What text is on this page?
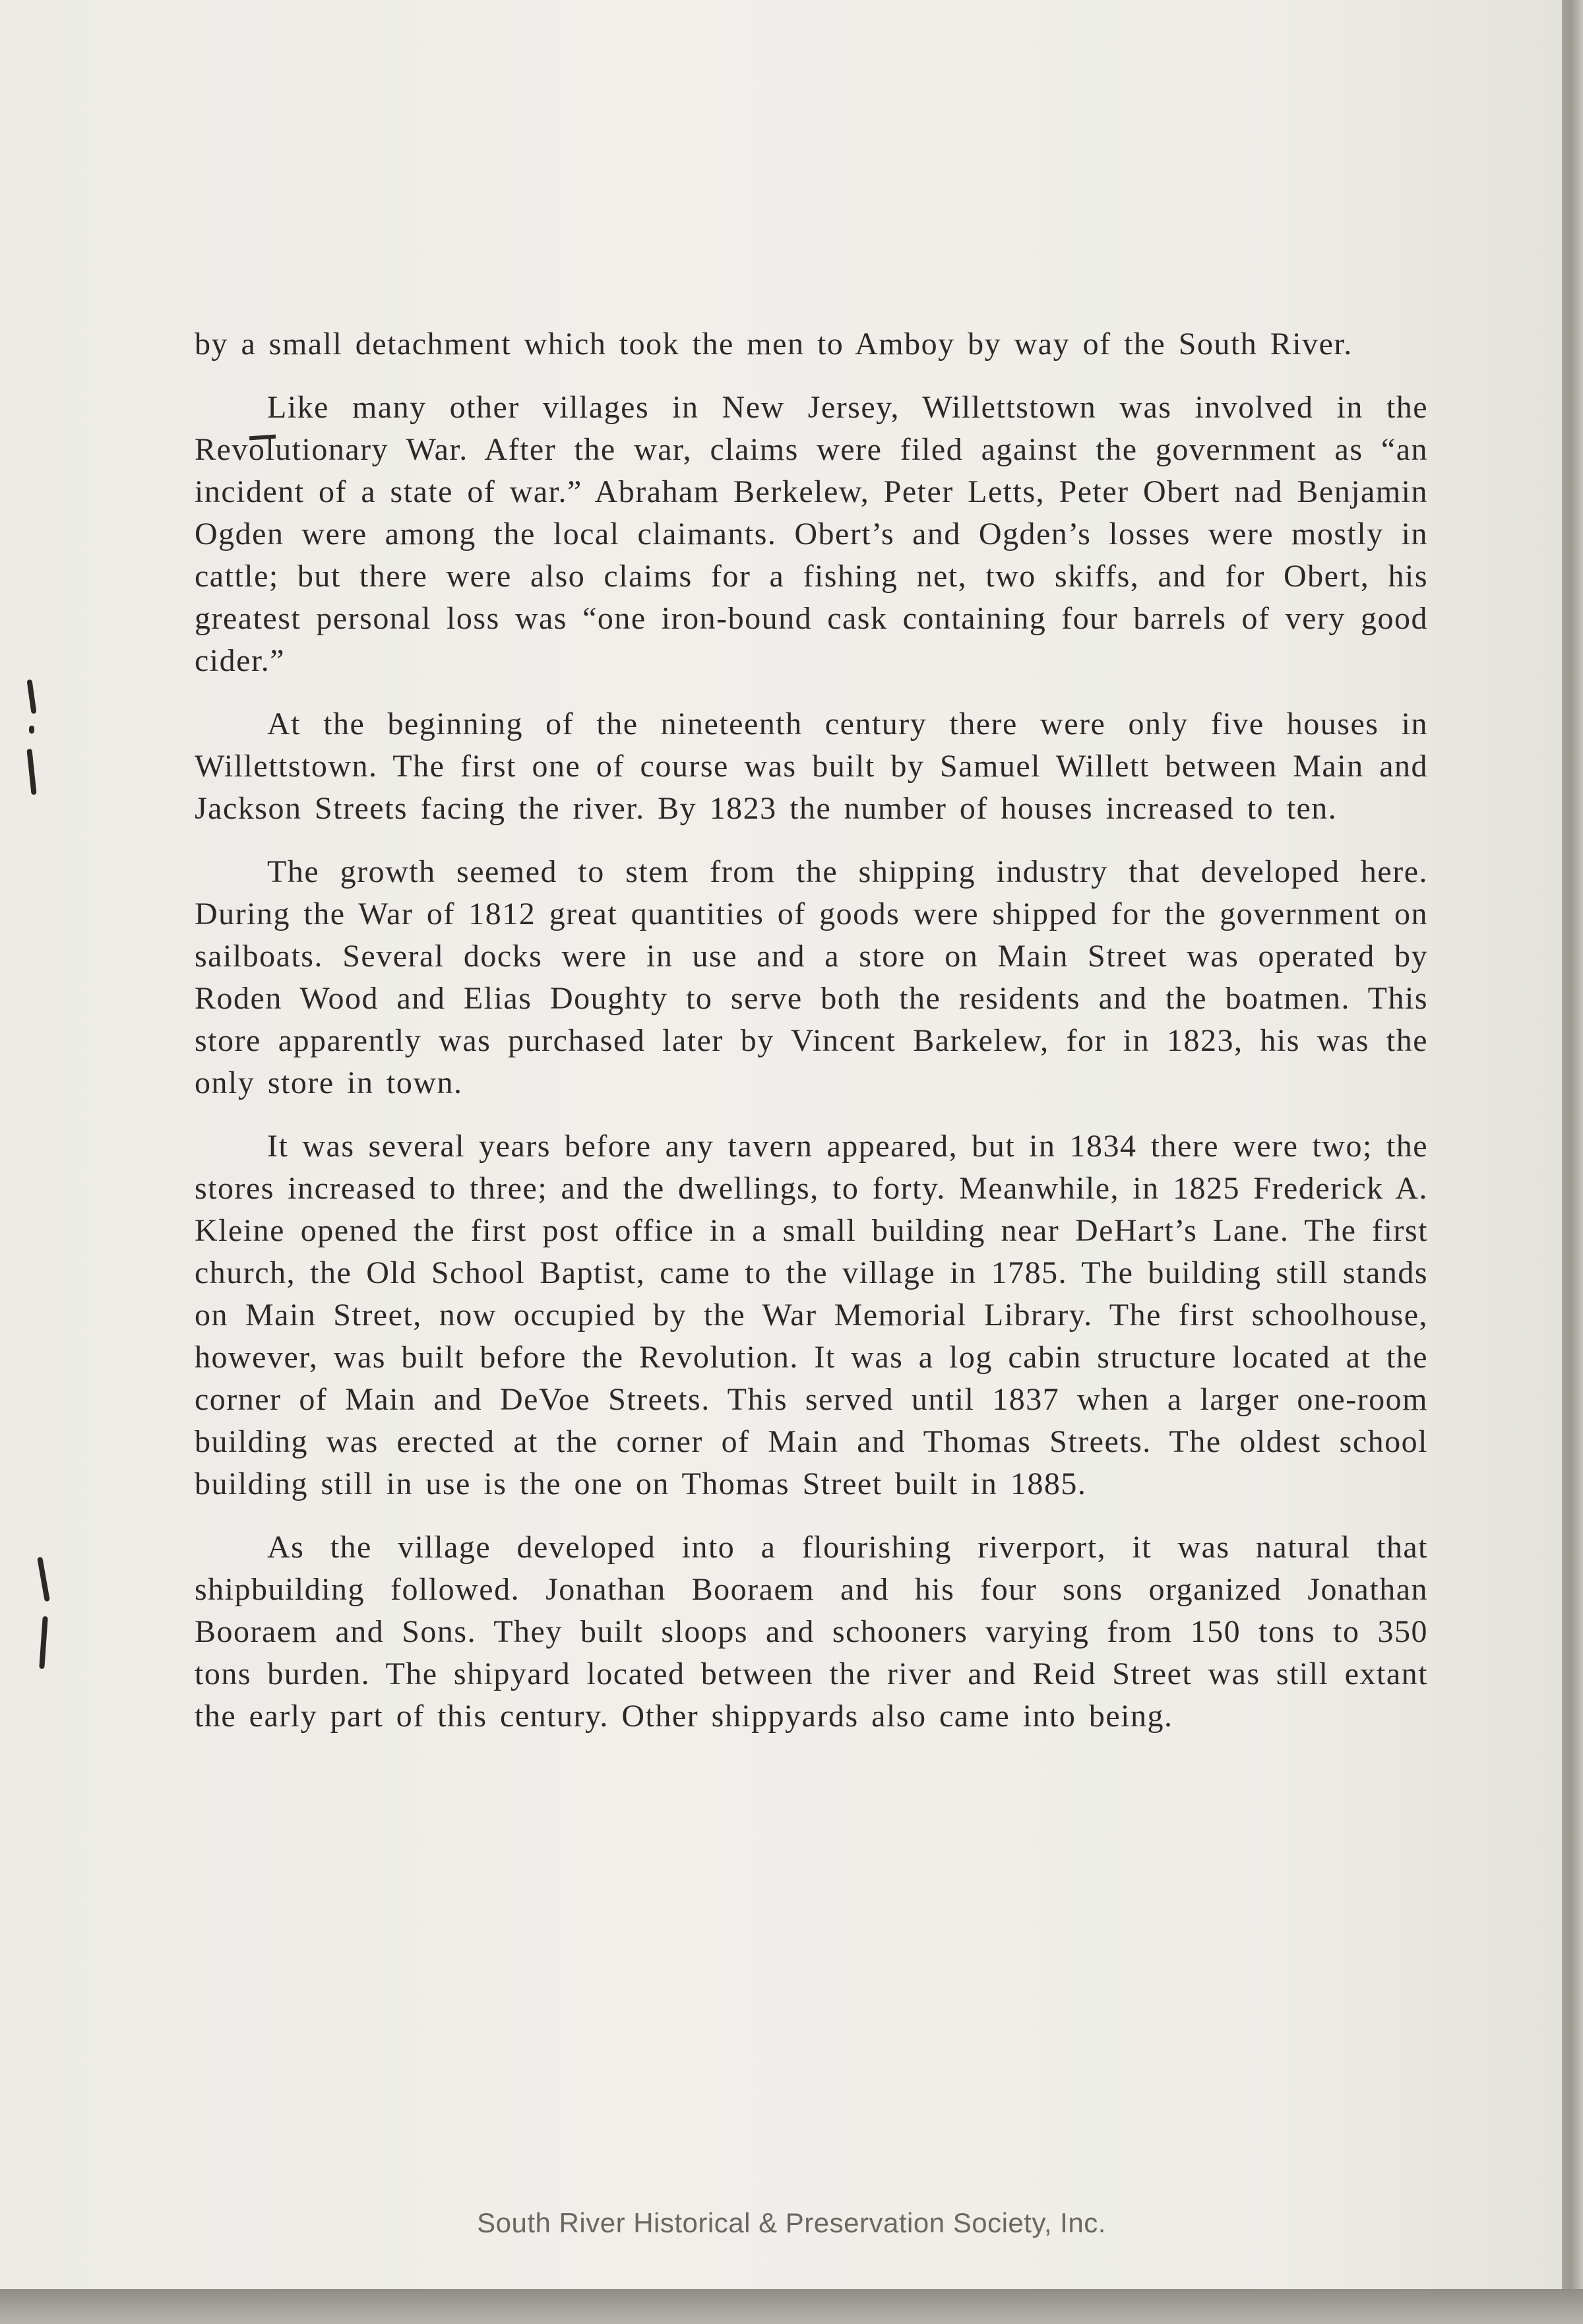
by a small detachment which took the men to Amboy by way of the South River.

Like many other villages in New Jersey, Willettstown was involved in the Revolutionary War. After the war, claims were filed against the government as “an incident of a state of war.” Abraham Berkelew, Peter Letts, Peter Obert nad Benjamin Ogden were among the local claimants. Obert’s and Ogden’s losses were mostly in cattle; but there were also claims for a fishing net, two skiffs, and for Obert, his greatest personal loss was “one iron-bound cask containing four barrels of very good cider.”

At the beginning of the nineteenth century there were only five houses in Willettstown. The first one of course was built by Samuel Willett between Main and Jackson Streets facing the river. By 1823 the number of houses increased to ten.

The growth seemed to stem from the shipping industry that developed here. During the War of 1812 great quantities of goods were shipped for the government on sailboats. Several docks were in use and a store on Main Street was operated by Roden Wood and Elias Doughty to serve both the residents and the boatmen. This store apparently was purchased later by Vincent Barkelew, for in 1823, his was the only store in town.

It was several years before any tavern appeared, but in 1834 there were two; the stores increased to three; and the dwellings, to forty. Meanwhile, in 1825 Frederick A. Kleine opened the first post office in a small building near DeHart’s Lane. The first church, the Old School Baptist, came to the village in 1785. The building still stands on Main Street, now occupied by the War Memorial Library. The first schoolhouse, however, was built before the Revolution. It was a log cabin structure located at the corner of Main and DeVoe Streets. This served until 1837 when a larger one-room building was erected at the corner of Main and Thomas Streets. The oldest school building still in use is the one on Thomas Street built in 1885.

As the village developed into a flourishing riverport, it was natural that shipbuilding followed. Jonathan Booraem and his four sons organized Jonathan Booraem and Sons. They built sloops and schooners varying from 150 tons to 350 tons burden. The shipyard located between the river and Reid Street was still extant the early part of this century. Other shippyards also came into being.

South River Historical & Preservation Society, Inc.
